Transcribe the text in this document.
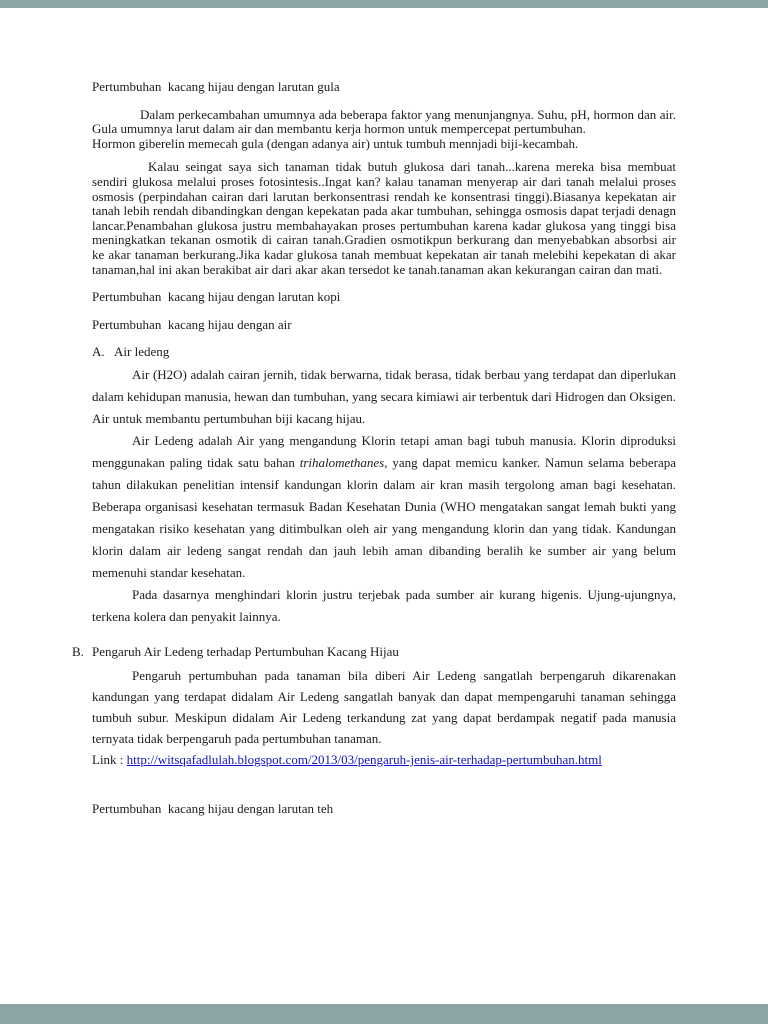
Pertumbuhan  kacang hijau dengan larutan gula
Dalam perkecambahan umumnya ada beberapa faktor yang menunjangnya. Suhu, pH, hormon dan air. Gula umumnya larut dalam air dan membantu kerja hormon untuk mempercepat pertumbuhan.
Hormon giberelin memecah gula (dengan adanya air) untuk tumbuh mennjadi biji-kecambah.
Kalau seingat saya sich tanaman tidak butuh glukosa dari tanah...karena mereka bisa membuat sendiri glukosa melalui proses fotosintesis..Ingat kan? kalau tanaman menyerap air dari tanah melalui proses osmosis (perpindahan cairan dari larutan berkonsentrasi rendah ke konsentrasi tinggi).Biasanya kepekatan air tanah lebih rendah dibandingkan dengan kepekatan pada akar tumbuhan, sehingga osmosis dapat terjadi denagn lancar.Penambahan glukosa justru membahayakan proses pertumbuhan karena kadar glukosa yang tinggi bisa meningkatkan tekanan osmotik di cairan tanah.Gradien osmotikpun berkurang dan menyebabkan absorbsi air ke akar tanaman berkurang.Jika kadar glukosa tanah membuat kepekatan air tanah melebihi kepekatan di akar tanaman,hal ini akan berakibat air dari akar akan tersedot ke tanah.tanaman akan kekurangan cairan dan mati.
Pertumbuhan  kacang hijau dengan larutan kopi
Pertumbuhan  kacang hijau dengan air
A. Air ledeng
Air (H2O) adalah cairan jernih, tidak berwarna, tidak berasa, tidak berbau yang terdapat dan diperlukan dalam kehidupan manusia, hewan dan tumbuhan, yang secara kimiawi air terbentuk dari Hidrogen dan Oksigen. Air untuk membantu pertumbuhan biji kacang hijau.
Air Ledeng adalah Air yang mengandung Klorin tetapi aman bagi tubuh manusia. Klorin diproduksi menggunakan paling tidak satu bahan trihalomethanes, yang dapat memicu kanker. Namun selama beberapa tahun dilakukan penelitian intensif kandungan klorin dalam air kran masih tergolong aman bagi kesehatan. Beberapa organisasi kesehatan termasuk Badan Kesehatan Dunia (WHO mengatakan sangat lemah bukti yang mengatakan risiko kesehatan yang ditimbulkan oleh air yang mengandung klorin dan yang tidak. Kandungan klorin dalam air ledeng sangat rendah dan jauh lebih aman dibanding beralih ke sumber air yang belum memenuhi standar kesehatan.
Pada dasarnya menghindari klorin justru terjebak pada sumber air kurang higenis. Ujung-ujungnya, terkena kolera dan penyakit lainnya.
B. Pengaruh Air Ledeng terhadap Pertumbuhan Kacang Hijau
Pengaruh pertumbuhan pada tanaman bila diberi Air Ledeng sangatlah berpengaruh dikarenakan kandungan yang terdapat didalam Air Ledeng sangatlah banyak dan dapat mempengaruhi tanaman sehingga tumbuh subur. Meskipun didalam Air Ledeng terkandung zat yang dapat berdampak negatif pada manusia ternyata tidak berpengaruh pada pertumbuhan tanaman.
Link : http://witsqafadlulah.blogspot.com/2013/03/pengaruh-jenis-air-terhadap-pertumbuhan.html
Pertumbuhan  kacang hijau dengan larutan teh
